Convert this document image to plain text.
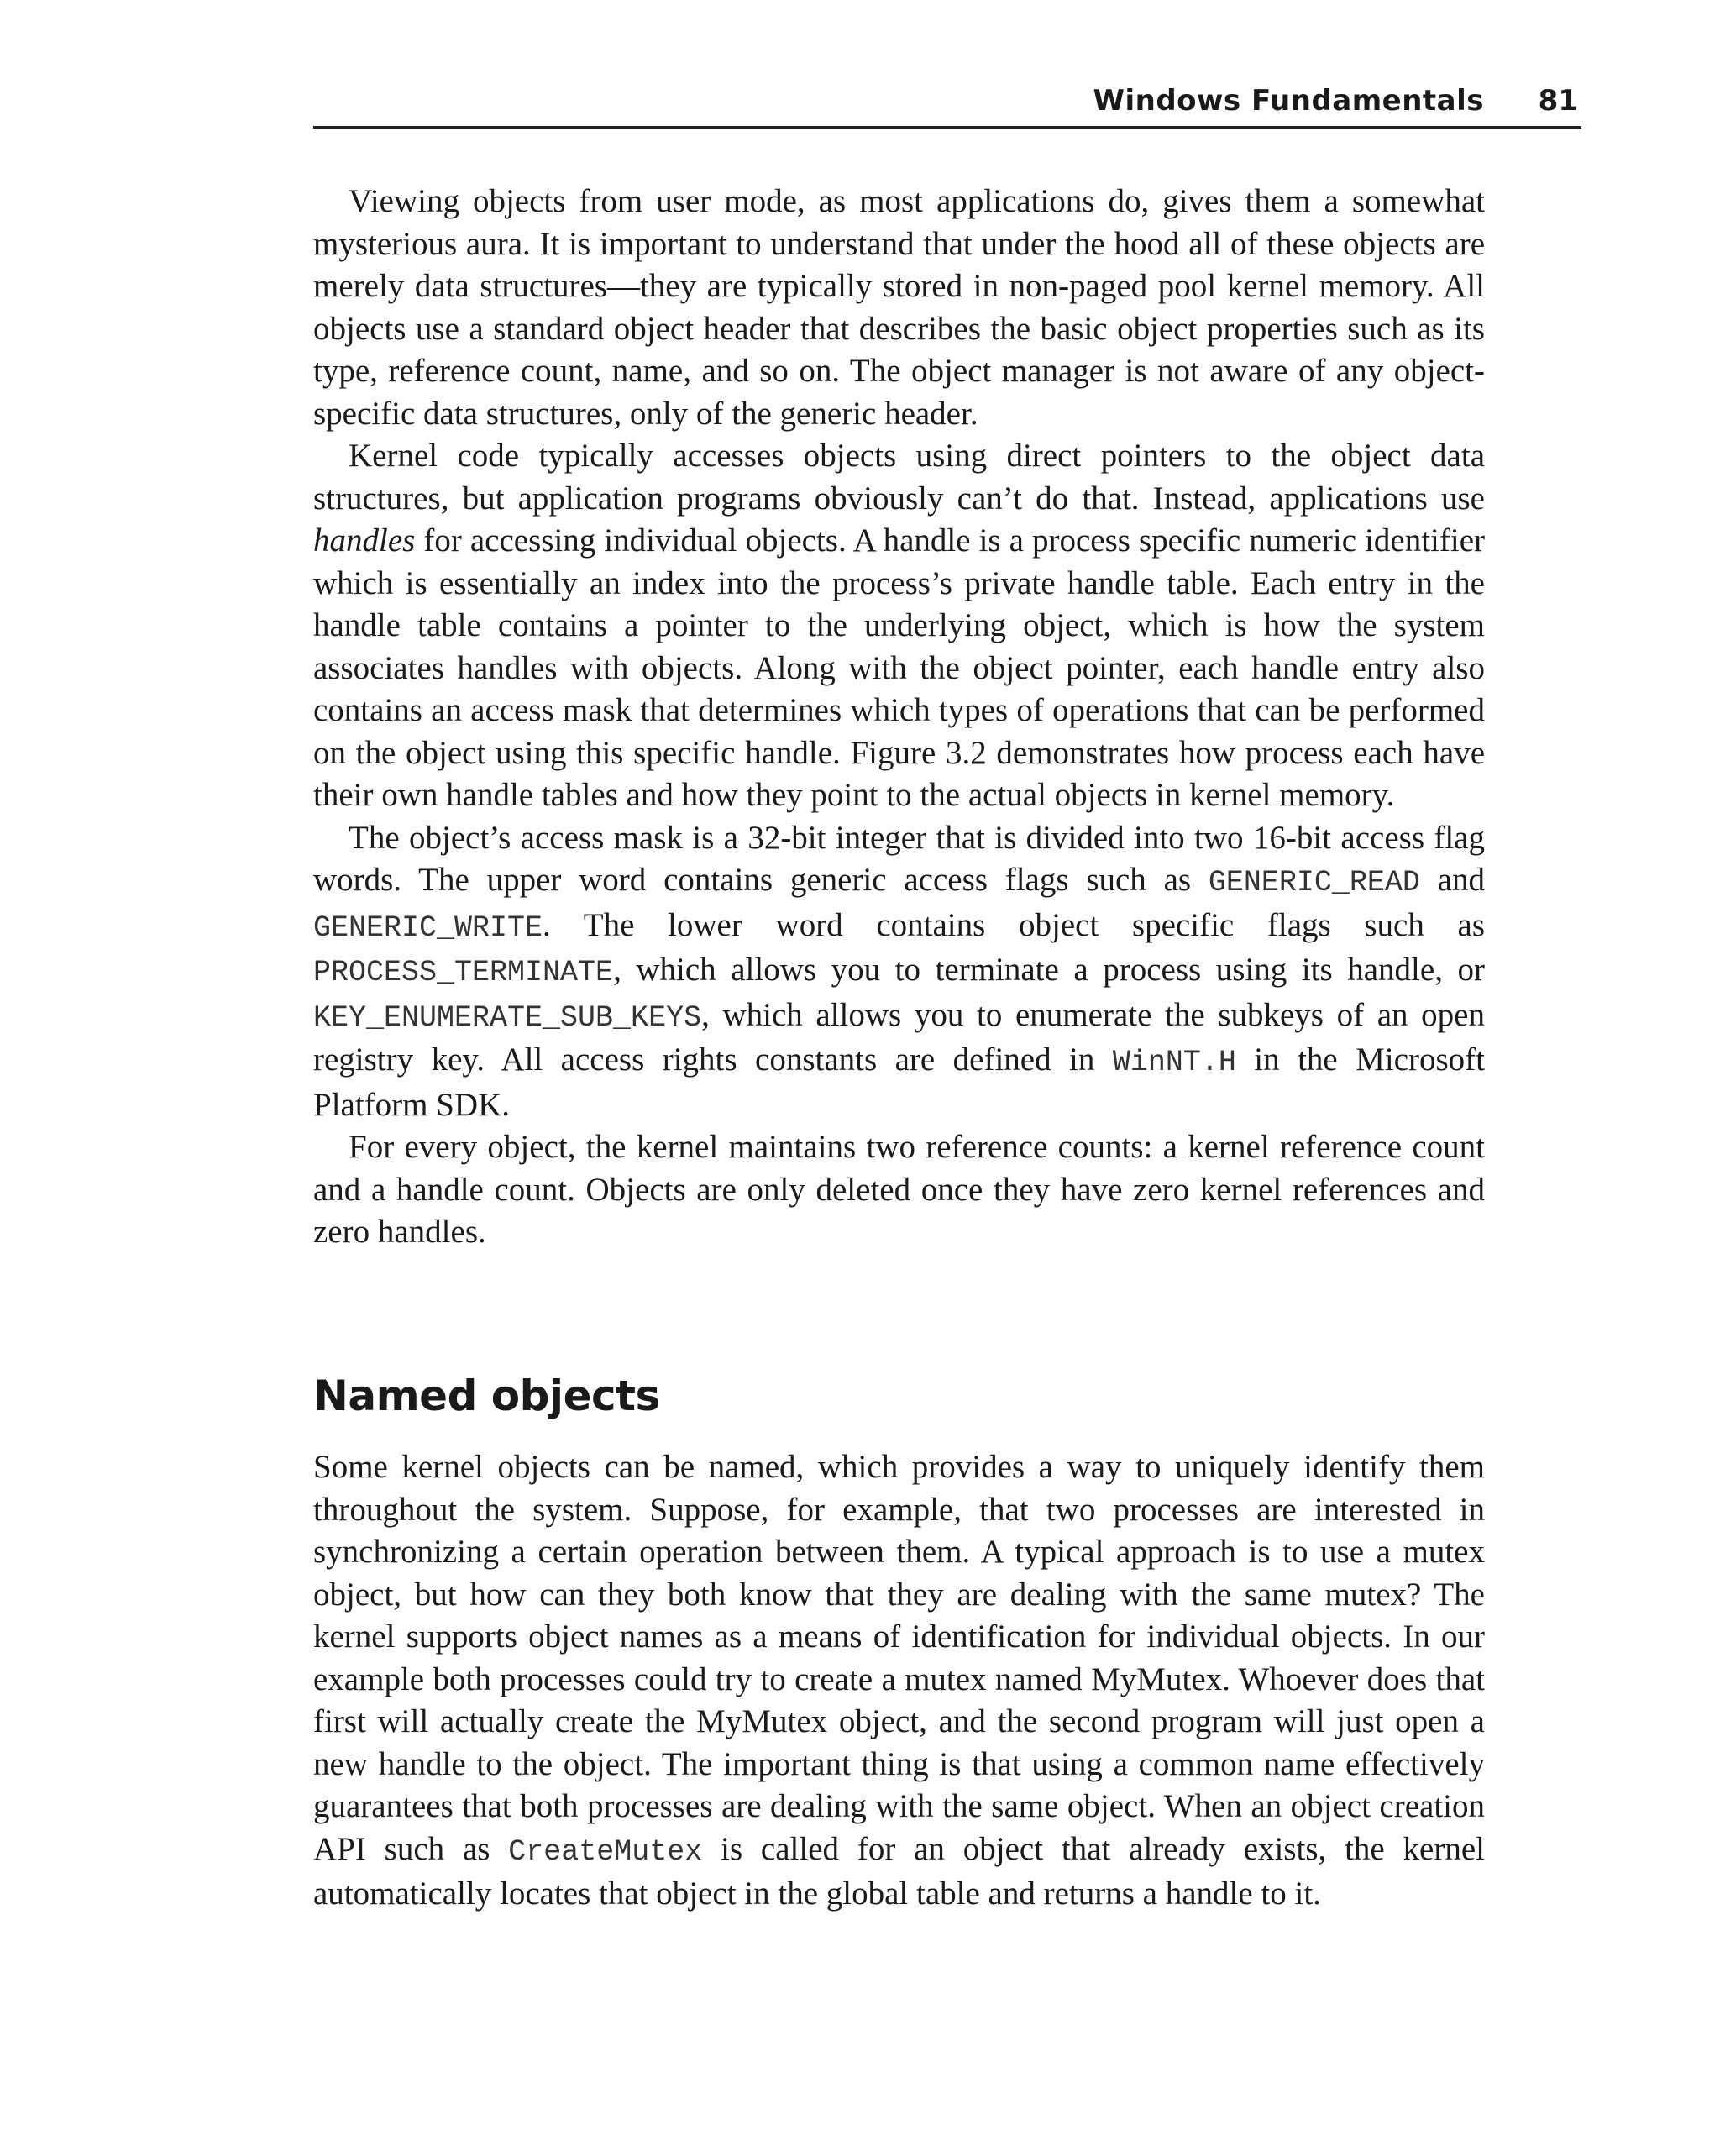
Windows Fundamentals 81

Viewing objects from user mode, as most applications do, gives them a somewhat mysterious aura. It is important to understand that under the hood all of these objects are merely data structures—they are typically stored in non-paged pool kernel memory. All objects use a standard object header that describes the basic object properties such as its type, reference count, name, and so on. The object manager is not aware of any object-specific data structures, only of the generic header.

Kernel code typically accesses objects using direct pointers to the object data structures, but application programs obviously can’t do that. Instead, applications use handles for accessing individual objects. A handle is a process specific numeric identifier which is essentially an index into the process’s private handle table. Each entry in the handle table contains a pointer to the underlying object, which is how the system associates handles with objects. Along with the object pointer, each handle entry also contains an access mask that determines which types of operations that can be performed on the object using this specific handle. Figure 3.2 demonstrates how process each have their own handle tables and how they point to the actual objects in kernel memory.

The object’s access mask is a 32-bit integer that is divided into two 16-bit access flag words. The upper word contains generic access flags such as GENERIC_READ and GENERIC_WRITE. The lower word contains object specific flags such as PROCESS_TERMINATE, which allows you to terminate a process using its handle, or KEY_ENUMERATE_SUB_KEYS, which allows you to enumerate the subkeys of an open registry key. All access rights constants are defined in WinNT.H in the Microsoft Platform SDK.

For every object, the kernel maintains two reference counts: a kernel reference count and a handle count. Objects are only deleted once they have zero kernel references and zero handles.

Named objects

Some kernel objects can be named, which provides a way to uniquely identify them throughout the system. Suppose, for example, that two processes are interested in synchronizing a certain operation between them. A typical approach is to use a mutex object, but how can they both know that they are dealing with the same mutex? The kernel supports object names as a means of identification for individual objects. In our example both processes could try to create a mutex named MyMutex. Whoever does that first will actually create the MyMutex object, and the second program will just open a new handle to the object. The important thing is that using a common name effectively guarantees that both processes are dealing with the same object. When an object creation API such as CreateMutex is called for an object that already exists, the kernel automatically locates that object in the global table and returns a handle to it.
